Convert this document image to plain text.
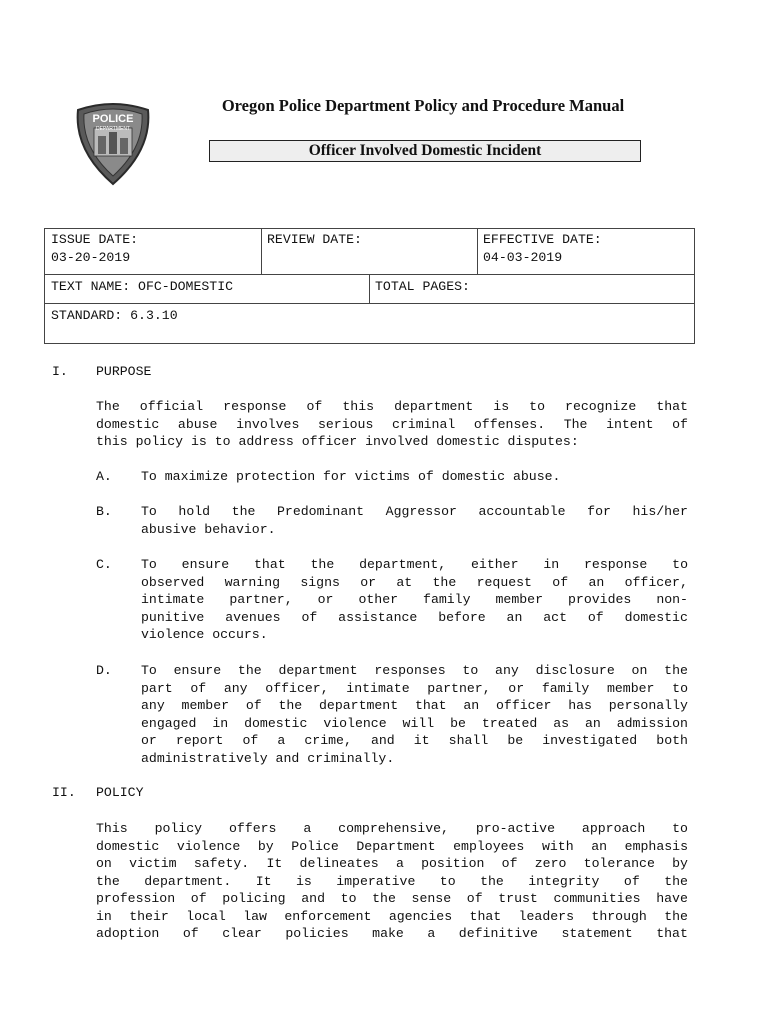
POLICE
DEPARTMENT
Oregon Police Department Policy and Procedure Manual
Officer Involved Domestic Incident
ISSUE DATE:
03-20-2019
REVIEW DATE:	EFFECTIVE DATE:
04-03-2019
TEXT NAME: OFC-DOMESTIC	TOTAL PAGES:
STANDARD: 6.3.10
I. PURPOSE
The official response of this department is to recognize that
domestic abuse involves serious criminal offenses. The intent of
this policy is to address officer involved domestic disputes:
A. To maximize protection for victims of domestic abuse.
B. To hold the Predominant Aggressor accountable for his/her
abusive behavior.
C. To ensure that the department, either in response to
observed warning signs or at the request of an officer,
intimate partner, or other family member provides non-
punitive avenues of assistance before an act of domestic
violence occurs.
D. To ensure the department responses to any disclosure on the
part of any officer, intimate partner, or family member to
any member of the department that an officer has personally
engaged in domestic violence will be treated as an admission
or report of a crime, and it shall be investigated both
administratively and criminally.
II. POLICY
This policy offers a comprehensive, pro-active approach to
domestic violence by Police Department employees with an emphasis
on victim safety. It delineates a position of zero tolerance by
the department. It is imperative to the integrity of the
profession of policing and to the sense of trust communities have
in their local law enforcement agencies that leaders through the
adoption of clear policies make a definitive statement that
